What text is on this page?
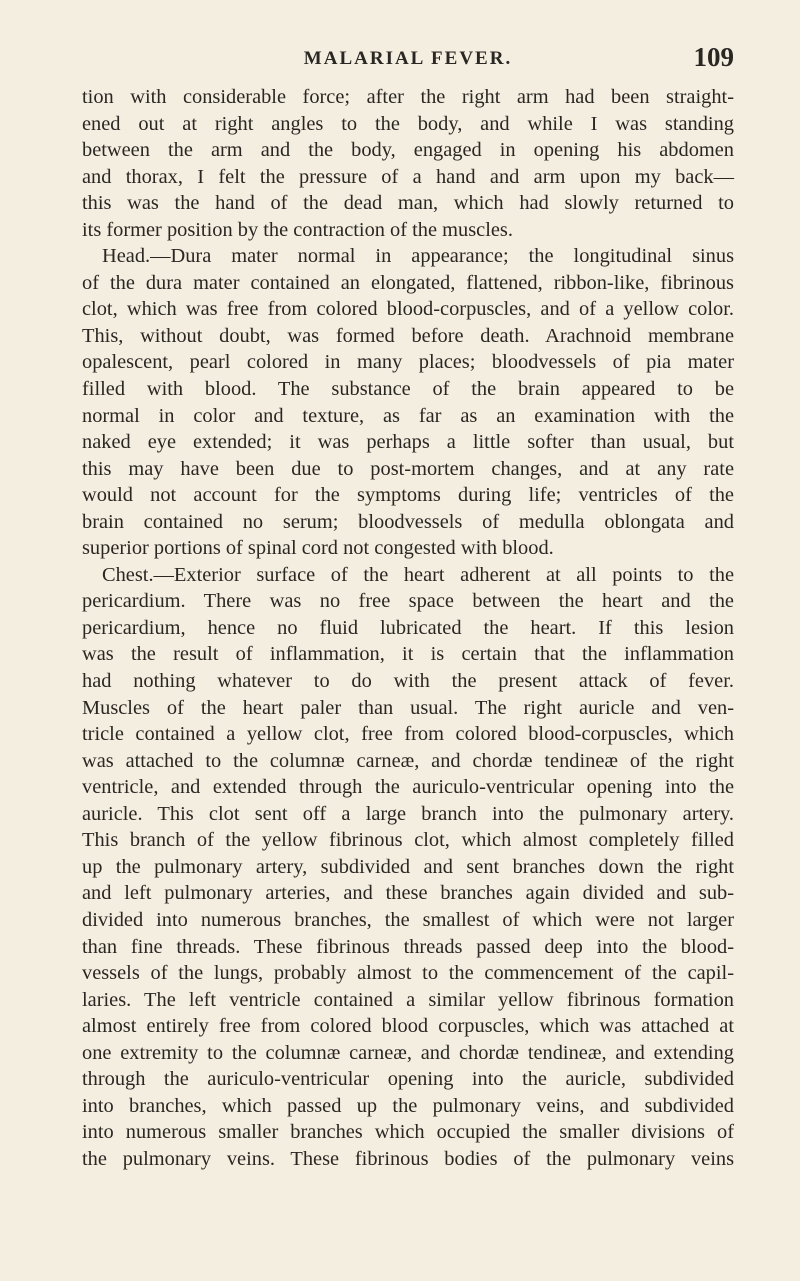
MALARIAL FEVER.	109
tion with considerable force; after the right arm had been straight-
ened out at right angles to the body, and while I was standing
between the arm and the body, engaged in opening his abdomen
and thorax, I felt the pressure of a hand and arm upon my back—
this was the hand of the dead man, which had slowly returned to
its former position by the contraction of the muscles.
Head.—Dura mater normal in appearance; the longitudinal sinus
of the dura mater contained an elongated, flattened, ribbon-like, fibrinous
clot, which was free from colored blood-corpuscles, and of a yellow color.
This, without doubt, was formed before death. Arachnoid membrane
opalescent, pearl colored in many places; bloodvessels of pia mater
filled with blood. The substance of the brain appeared to be
normal in color and texture, as far as an examination with the
naked eye extended; it was perhaps a little softer than usual, but
this may have been due to post-mortem changes, and at any rate
would not account for the symptoms during life; ventricles of the
brain contained no serum; bloodvessels of medulla oblongata and
superior portions of spinal cord not congested with blood.
Chest.—Exterior surface of the heart adherent at all points to the
pericardium. There was no free space between the heart and the
pericardium, hence no fluid lubricated the heart. If this lesion
was the result of inflammation, it is certain that the inflammation
had nothing whatever to do with the present attack of fever.
Muscles of the heart paler than usual. The right auricle and ven-
tricle contained a yellow clot, free from colored blood-corpuscles, which
was attached to the columnæ carneæ, and chordæ tendineæ of the right
ventricle, and extended through the auriculo-ventricular opening into the
auricle. This clot sent off a large branch into the pulmonary artery.
This branch of the yellow fibrinous clot, which almost completely filled
up the pulmonary artery, subdivided and sent branches down the right
and left pulmonary arteries, and these branches again divided and sub-
divided into numerous branches, the smallest of which were not larger
than fine threads. These fibrinous threads passed deep into the blood-
vessels of the lungs, probably almost to the commencement of the capil-
laries. The left ventricle contained a similar yellow fibrinous formation
almost entirely free from colored blood corpuscles, which was attached at
one extremity to the columnæ carneæ, and chordæ tendineæ, and extending
through the auriculo-ventricular opening into the auricle, subdivided
into branches, which passed up the pulmonary veins, and subdivided
into numerous smaller branches which occupied the smaller divisions of
the pulmonary veins. These fibrinous bodies of the pulmonary veins
